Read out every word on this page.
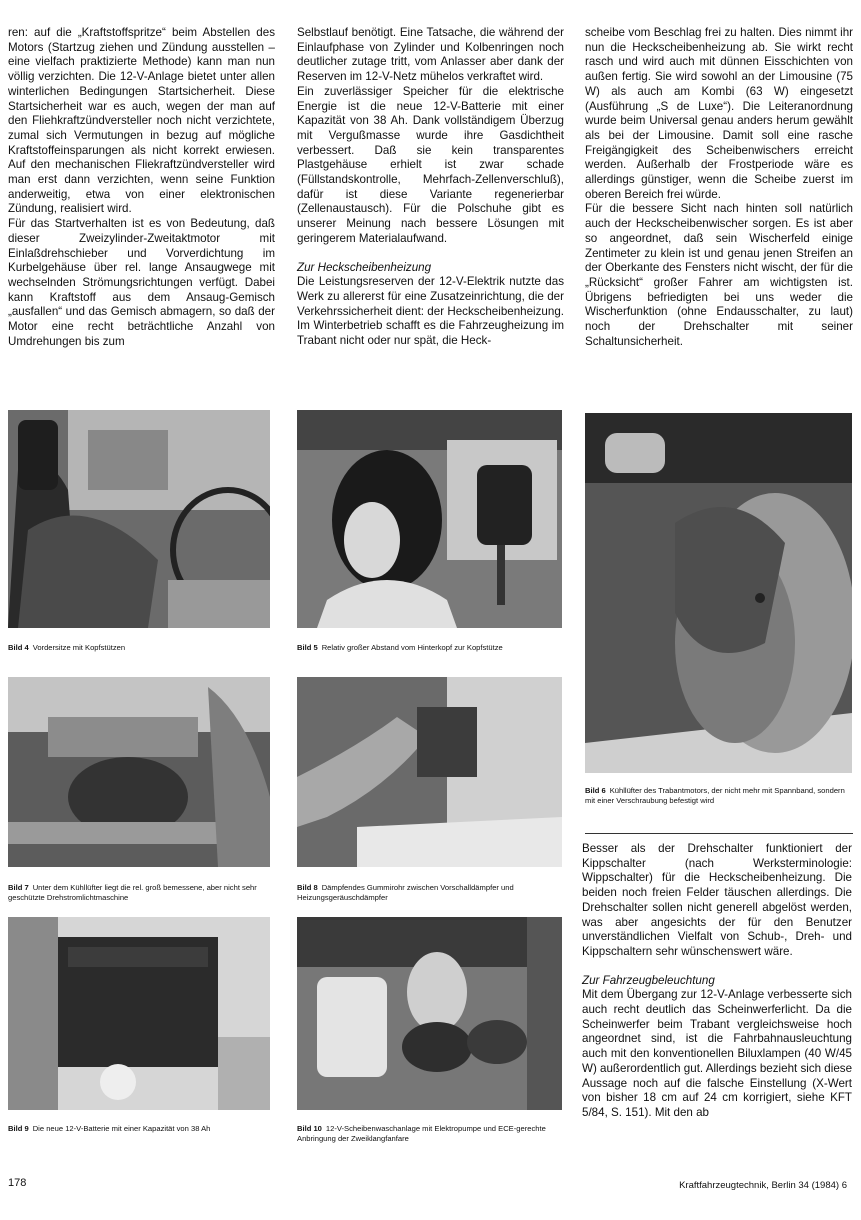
ren: auf die „Kraftstoffspritze“ beim Abstellen des Motors (Startzug ziehen und Zündung ausstellen – eine vielfach praktizierte Methode) kann man nun völlig verzichten. Die 12-V-Anlage bietet unter allen winterlichen Bedingungen Startsicherheit. Diese Startsicherheit war es auch, wegen der man auf den Fliehkraftzündversteller noch nicht verzichtete, zumal sich Vermutungen in bezug auf mögliche Kraftstoffeinsparungen als nicht korrekt erwiesen. Auf den mechanischen Fliekraftzündversteller wird man erst dann verzichten, wenn seine Funktion anderweitig, etwa von einer elektronischen Zündung, realisiert wird.

Für das Startverhalten ist es von Bedeutung, daß dieser Zweizylinder-Zweitaktmotor mit Einlaßdrehschieber und Vorverdichtung im Kurbelgehäuse über rel. lange Ansaugwege mit wechselnden Strömungsrichtungen verfügt. Dabei kann Kraftstoff aus dem Ansaug-Gemisch „ausfallen“ und das Gemisch abmagern, so daß der Motor eine recht beträchtliche Anzahl von Umdrehungen bis zum

Selbstlauf benötigt. Eine Tatsache, die während der Einlaufphase von Zylinder und Kolbenringen noch deutlicher zutage tritt, vom Anlasser aber dank der Reserven im 12-V-Netz mühelos verkraftet wird.

Ein zuverlässiger Speicher für die elektrische Energie ist die neue 12-V-Batterie mit einer Kapazität von 38 Ah. Dank vollständigem Überzug mit Vergußmasse wurde ihre Gasdichtheit verbessert. Daß sie kein transparentes Plastgehäuse erhielt ist zwar schade (Füllstandskontrolle, Mehrfach-Zellenverschluß), dafür ist diese Variante regenerierbar (Zellenaustausch). Für die Polschuhe gibt es unserer Meinung nach bessere Lösungen mit geringerem Materialaufwand.

Zur Heckscheibenheizung

Die Leistungsreserven der 12-V-Elektrik nutzte das Werk zu allererst für eine Zusatzeinrichtung, die der Verkehrssicherheit dient: der Heckscheibenheizung. Im Winterbetrieb schafft es die Fahrzeugheizung im Trabant nicht oder nur spät, die Heck-

scheibe vom Beschlag frei zu halten. Dies nimmt ihr nun die Heckscheibenheizung ab. Sie wirkt recht rasch und wird auch mit dünnen Eisschichten von außen fertig. Sie wird sowohl an der Limousine (75 W) als auch am Kombi (63 W) eingesetzt (Ausführung „S de Luxe“). Die Leiteranordnung wurde beim Universal genau anders herum gewählt als bei der Limousine. Damit soll eine rasche Freigängigkeit des Scheibenwischers erreicht werden. Außerhalb der Frostperiode wäre es allerdings günstiger, wenn die Scheibe zuerst im oberen Bereich frei würde.

Für die bessere Sicht nach hinten soll natürlich auch der Heckscheibenwischer sorgen. Es ist aber so angeordnet, daß sein Wischerfeld einige Zentimeter zu klein ist und genau jenen Streifen an der Oberkante des Fensters nicht wischt, der für die „Rücksicht“ großer Fahrer am wichtigsten ist. Übrigens befriedigten bei uns weder die Wischerfunktion (ohne Endausschalter, zu laut) noch der Drehschalter mit seiner Schaltunsicherheit.

Bild 4 Vordersitze mit Kopfstützen	Bild 5 Relativ großer Abstand vom Hinterkopf zur Kopfstütze
Bild 6 Kühllüfter des Trabantmotors, der nicht mehr mit Spannband, sondern mit einer Verschraubung befestigt wird
Bild 7 Unter dem Kühllüfter liegt die rel. groß bemessene, aber nicht sehr geschützte Drehstromlichtmaschine
Bild 8 Dämpfendes Gummirohr zwischen Vorschalldämpfer und Heizungsgeräuschdämpfer
Bild 9 Die neue 12-V-Batterie mit einer Kapazität von 38 Ah	Bild 10 12-V-Scheibenwaschanlage mit Elektropumpe und ECE-gerechte Anbringung der Zweiklangfanfare

Besser als der Drehschalter funktioniert der Kippschalter (nach Werksterminologie: Wippschalter) für die Heckscheibenheizung. Die beiden noch freien Felder täuschen allerdings. Die Drehschalter sollen nicht generell abgelöst werden, was aber angesichts der für den Benutzer unverständlichen Vielfalt von Schub-, Dreh- und Kippschaltern sehr wünschenswert wäre.

Zur Fahrzeugbeleuchtung

Mit dem Übergang zur 12-V-Anlage verbesserte sich auch recht deutlich das Scheinwerferlicht. Da die Scheinwerfer beim Trabant vergleichsweise hoch angeordnet sind, ist die Fahrbahnausleuchtung auch mit den konventionellen Biluxlampen (40 W/45 W) außerordentlich gut. Allerdings bezieht sich diese Aussage noch auf die falsche Einstellung (X-Wert von bisher 18 cm auf 24 cm korrigiert, siehe KFT 5/84, S. 151). Mit den ab

178	Kraftfahrzeugtechnik, Berlin 34 (1984) 6
